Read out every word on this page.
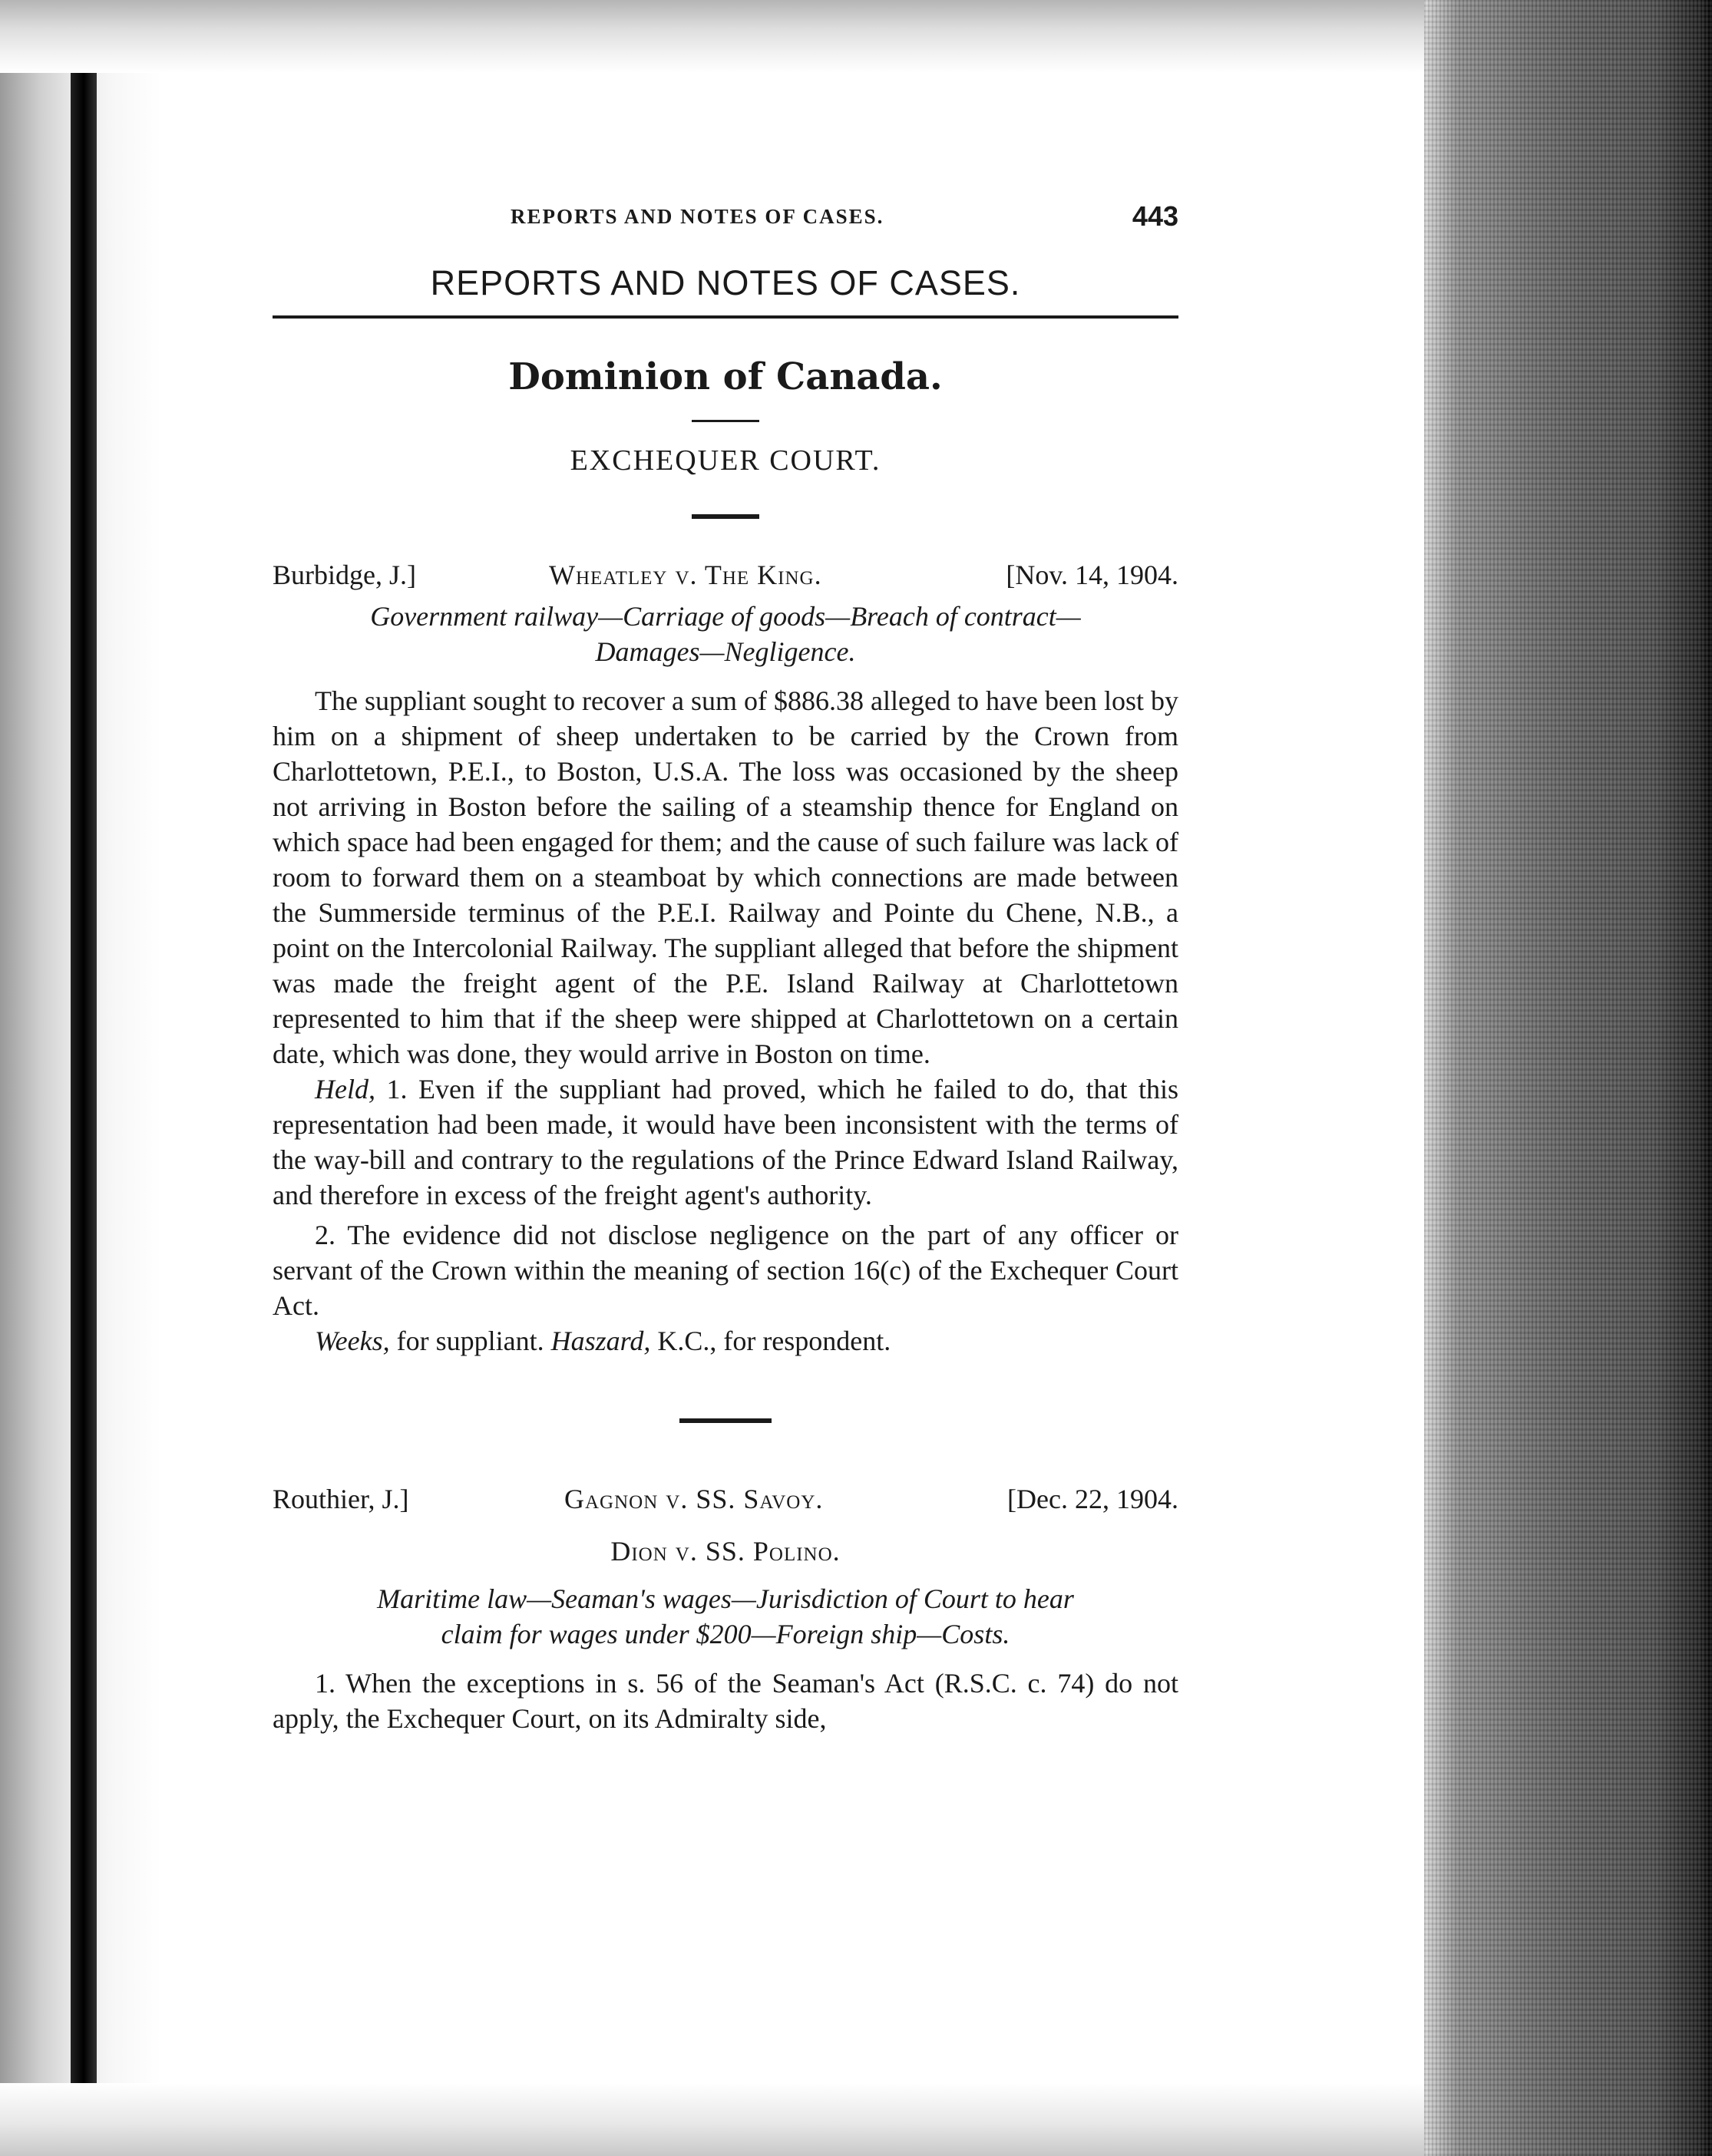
REPORTS AND NOTES OF CASES.	443
REPORTS AND NOTES OF CASES.
Dominion of Canada.
EXCHEQUER COURT.
Burbidge, J.]	Wheatley v. The King.	[Nov. 14, 1904.
Government railway—Carriage of goods—Breach of contract—
Damages—Negligence.

The suppliant sought to recover a sum of $886.38 alleged to have been lost by him on a shipment of sheep undertaken to be carried by the Crown from Charlottetown, P.E.I., to Boston, U.S.A. The loss was occasioned by the sheep not arriving in Boston before the sailing of a steamship thence for England on which space had been engaged for them; and the cause of such failure was lack of room to forward them on a steamboat by which connections are made between the Summerside terminus of the P.E.I. Railway and Pointe du Chene, N.B., a point on the Intercolonial Railway. The suppliant alleged that before the shipment was made the freight agent of the P.E. Island Railway at Charlottetown represented to him that if the sheep were shipped at Charlottetown on a certain date, which was done, they would arrive in Boston on time.

Held, 1. Even if the suppliant had proved, which he failed to do, that this representation had been made, it would have been inconsistent with the terms of the way-bill and contrary to the regulations of the Prince Edward Island Railway, and therefore in excess of the freight agent's authority.

2. The evidence did not disclose negligence on the part of any officer or servant of the Crown within the meaning of section 16(c) of the Exchequer Court Act.

Weeks, for suppliant. Haszard, K.C., for respondent.

Routhier, J.]	Gagnon v. SS. Savoy.	[Dec. 22, 1904.
Dion v. SS. Polino.
Maritime law—Seaman's wages—Jurisdiction of Court to hear
claim for wages under $200—Foreign ship—Costs.

1. When the exceptions in s. 56 of the Seaman's Act (R.S.C. c. 74) do not apply, the Exchequer Court, on its Admiralty side,
